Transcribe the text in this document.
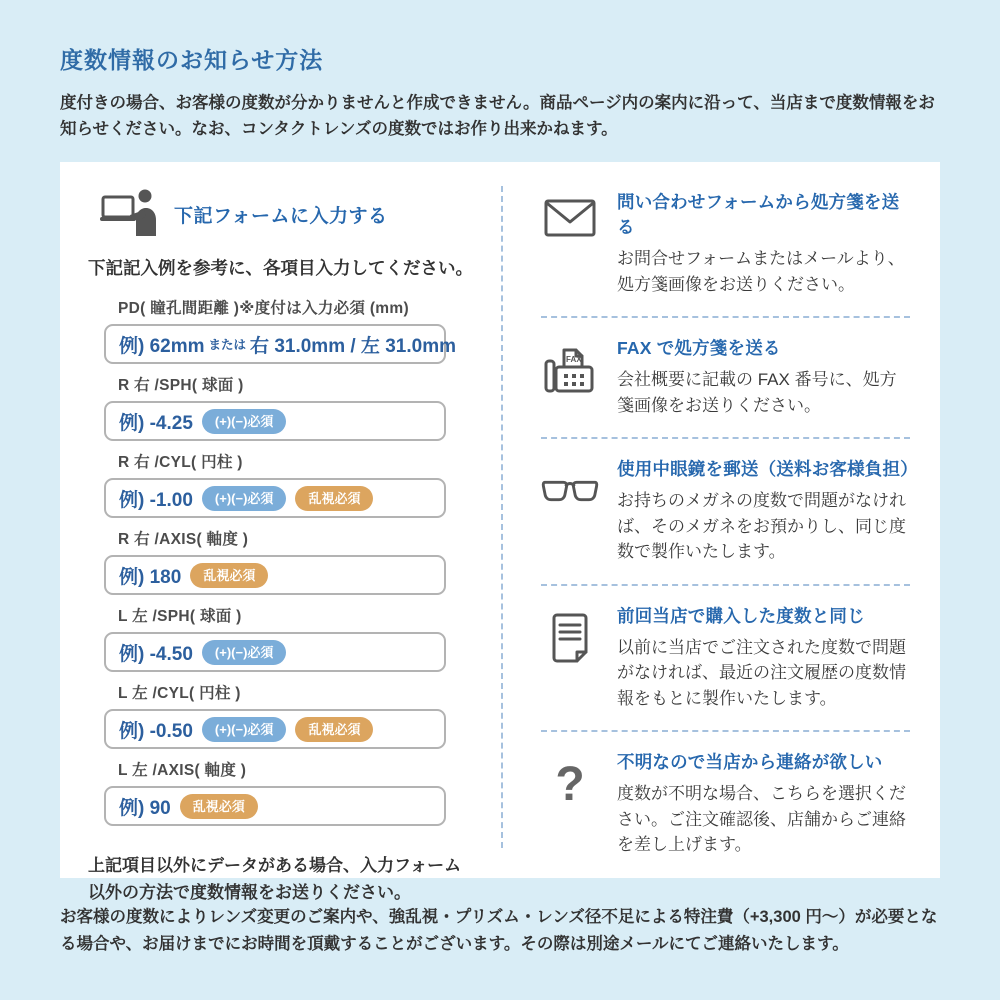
度数情報のお知らせ方法

度付きの場合、お客様の度数が分かりませんと作成できません。商品ページ内の案内に沿って、当店まで度数情報をお知らせください。なお、コンタクトレンズの度数ではお作り出来かねます。

下記フォームに入力する

下記記入例を参考に、各項目入力してください。

PD( 瞳孔間距離 )※度付は入力必須 (mm)
例) 62mm または 右 31.0mm / 左 31.0mm
R 右 /SPH( 球面 )
例) -4.25	(+)(−)必須
R 右 /CYL( 円柱 )
例) -1.00	(+)(−)必須	乱視必須
R 右 /AXIS( 軸度 )
例) 180	乱視必須
L 左 /SPH( 球面 )
例) -4.50	(+)(−)必須
L 左 /CYL( 円柱 )
例) -0.50	(+)(−)必須	乱視必須
L 左 /AXIS( 軸度 )
例) 90	乱視必須

上記項目以外にデータがある場合、入力フォーム以外の方法で度数情報をお送りください。

問い合わせフォームから処方箋を送る

お問合せフォームまたはメールより、処方箋画像をお送りください。

FAX

FAX で処方箋を送る

会社概要に記載の FAX 番号に、処方箋画像をお送りください。

使用中眼鏡を郵送（送料お客様負担）

お持ちのメガネの度数で問題がなければ、そのメガネをお預かりし、同じ度数で製作いたします。

前回当店で購入した度数と同じ

以前に当店でご注文された度数で問題がなければ、最近の注文履歴の度数情報をもとに製作いたします。

? 不明なので当店から連絡が欲しい

度数が不明な場合、こちらを選択ください。ご注文確認後、店舗からご連絡を差し上げます。

お客様の度数によりレンズ変更のご案内や、強乱視・プリズム・レンズ径不足による特注費（+3,300 円～）が必要となる場合や、お届けまでにお時間を頂戴することがございます。その際は別途メールにてご連絡いたします。
